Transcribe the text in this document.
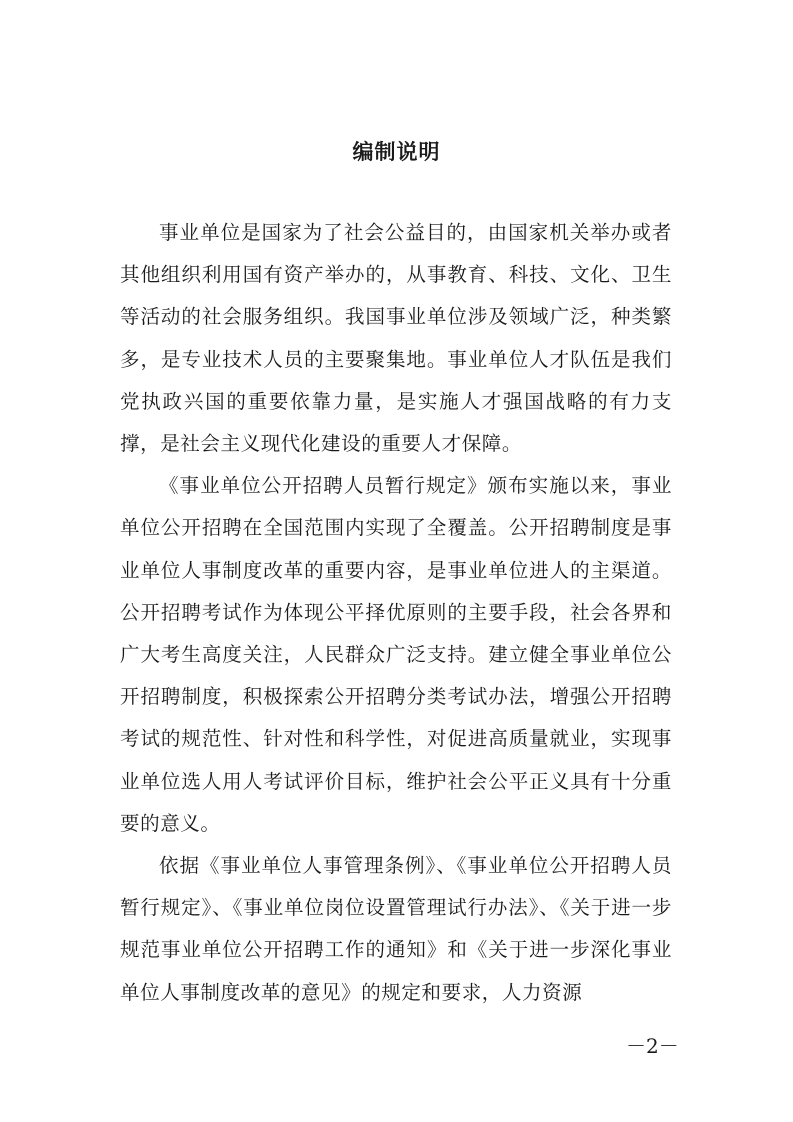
编制说明

事业单位是国家为了社会公益目的，由国家机关举办或者其他组织利用国有资产举办的，从事教育、科技、文化、卫生等活动的社会服务组织。我国事业单位涉及领域广泛，种类繁多，是专业技术人员的主要聚集地。事业单位人才队伍是我们党执政兴国的重要依靠力量，是实施人才强国战略的有力支撑，是社会主义现代化建设的重要人才保障。

《事业单位公开招聘人员暂行规定》颁布实施以来，事业单位公开招聘在全国范围内实现了全覆盖。公开招聘制度是事业单位人事制度改革的重要内容，是事业单位进人的主渠道。公开招聘考试作为体现公平择优原则的主要手段，社会各界和广大考生高度关注，人民群众广泛支持。建立健全事业单位公开招聘制度，积极探索公开招聘分类考试办法，增强公开招聘考试的规范性、针对性和科学性，对促进高质量就业，实现事业单位选人用人考试评价目标，维护社会公平正义具有十分重要的意义。

依据《事业单位人事管理条例》、《事业单位公开招聘人员暂行规定》、《事业单位岗位设置管理试行办法》、《关于进一步规范事业单位公开招聘工作的通知》和《关于进一步深化事业单位人事制度改革的意见》的规定和要求，人力资源

－2－
